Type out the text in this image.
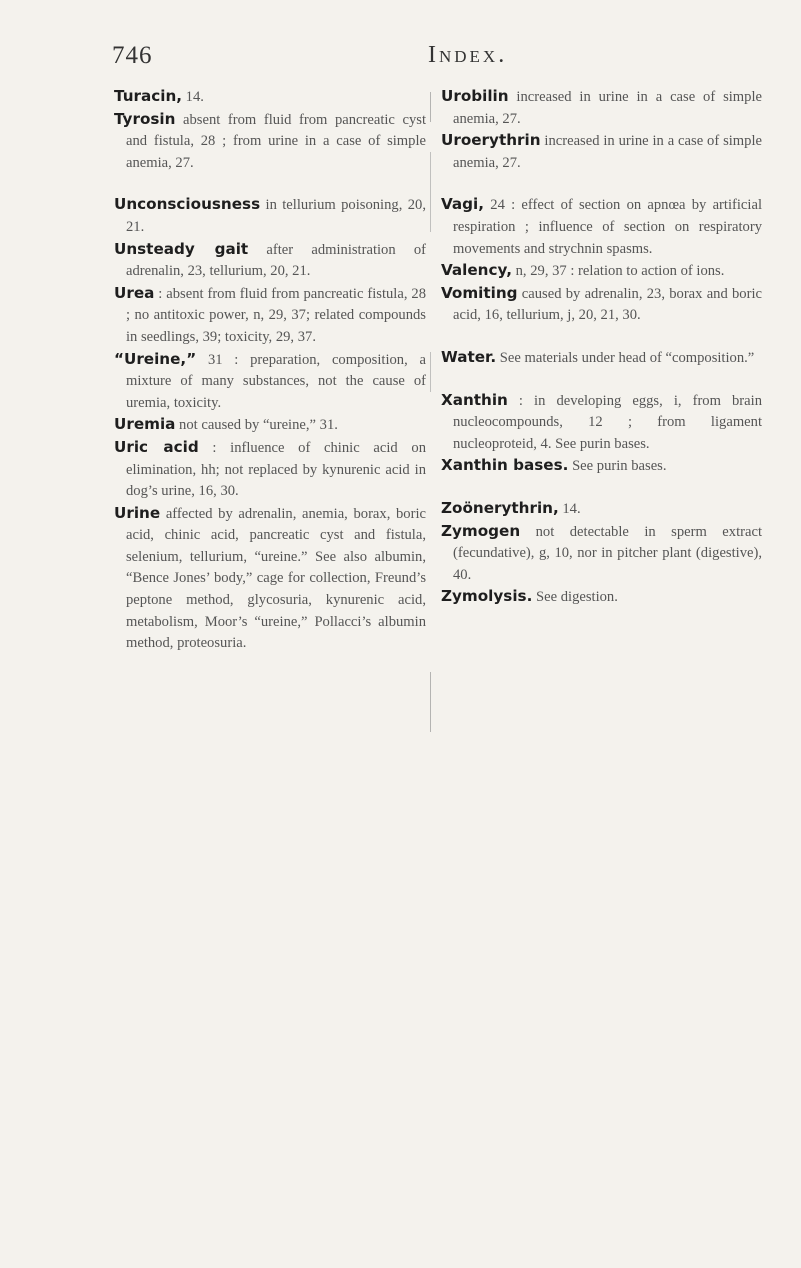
746	Index.

Turacin, 14.

Tyrosin absent from fluid from pancreatic cyst and fistula, 28 ; from urine in a case of simple anemia, 27.

Unconsciousness in tellurium poisoning, 20, 21.

Unsteady gait after administration of adrenalin, 23, tellurium, 20, 21.

Urea : absent from fluid from pancreatic fistula, 28 ; no antitoxic power, n, 29, 37; related compounds in seedlings, 39; toxicity, 29, 37.

“Ureine,” 31 : preparation, composition, a mixture of many substances, not the cause of uremia, toxicity.

Uremia not caused by “ureine,” 31.

Uric acid : influence of chinic acid on elimination, hh; not replaced by kynurenic acid in dog’s urine, 16, 30.

Urine affected by adrenalin, anemia, borax, boric acid, chinic acid, pancreatic cyst and fistula, selenium, tellurium, “ureine.” See also albumin, “Bence Jones’ body,” cage for collection, Freund’s peptone method, glycosuria, kynurenic acid, metabolism, Moor’s “ureine,” Pollacci’s albumin method, proteosuria.

Urobilin increased in urine in a case of simple anemia, 27.

Uroerythrin increased in urine in a case of simple anemia, 27.

Vagi, 24 : effect of section on apnœa by artificial respiration ; influence of section on respiratory movements and strychnin spasms.

Valency, n, 29, 37 : relation to action of ions.

Vomiting caused by adrenalin, 23, borax and boric acid, 16, tellurium, j, 20, 21, 30.

Water. See materials under head of “composition.”

Xanthin : in developing eggs, i, from brain nucleocompounds, 12 ; from ligament nucleoproteid, 4. See purin bases.

Xanthin bases. See purin bases.

Zoönerythrin, 14.

Zymogen not detectable in sperm extract (fecundative), g, 10, nor in pitcher plant (digestive), 40.

Zymolysis. See digestion.
